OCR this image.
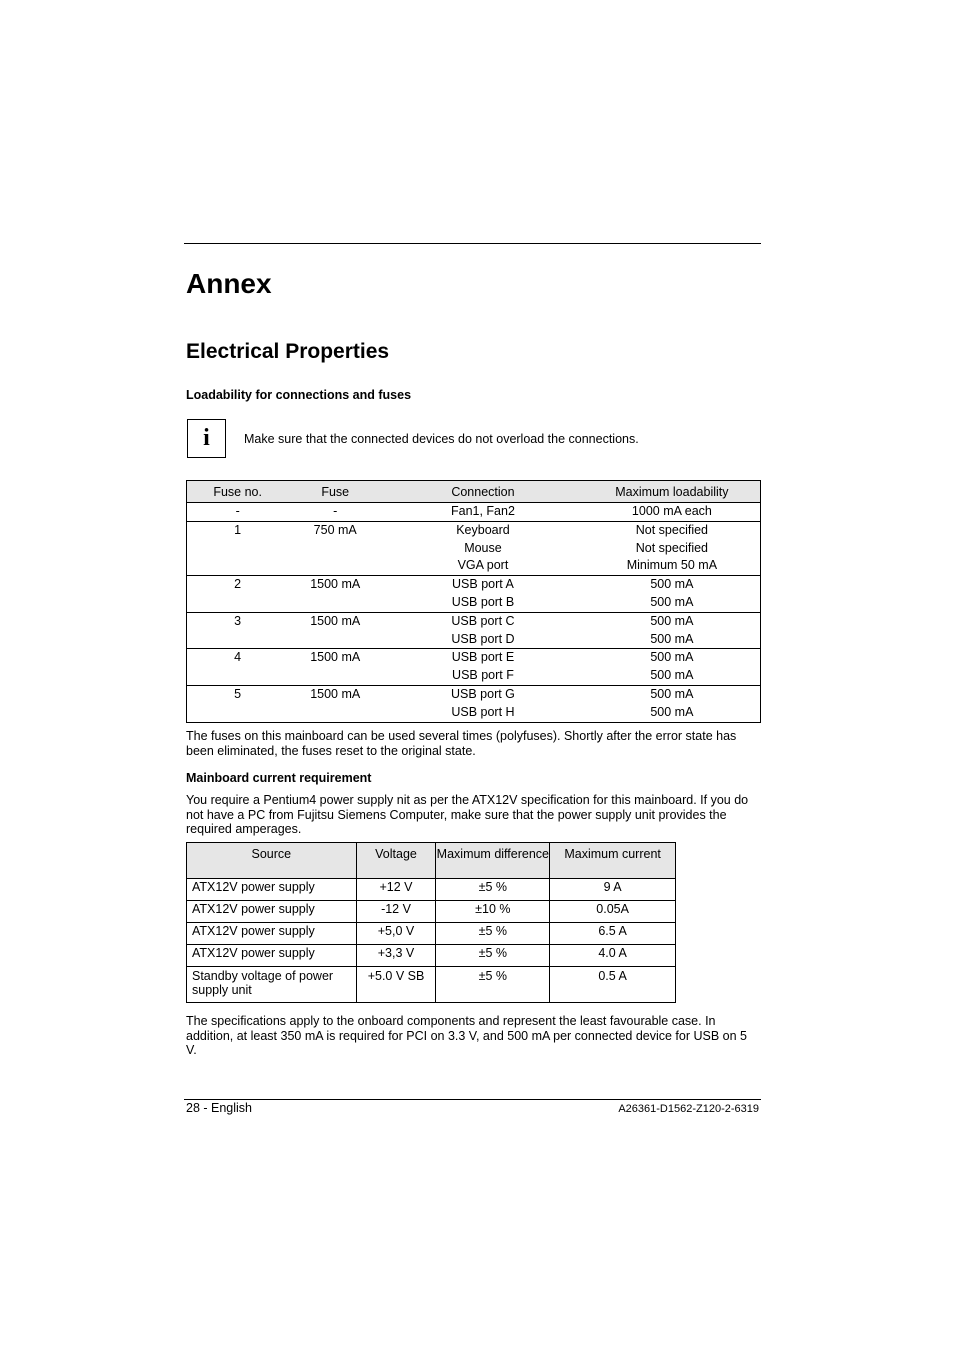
Annex
Electrical Properties

Loadability for connections and fuses

i	Make sure that the connected devices do not overload the connections.
Fuse no.	Fuse	Connection	Maximum loadability
-	-	Fan1, Fan2	1000 mA each
1	750 mA	Keyboard	Not specified
		Mouse	Not specified
		VGA port	Minimum 50 mA
2	1500 mA	USB port A	500 mA
		USB port B	500 mA
3	1500 mA	USB port C	500 mA
		USB port D	500 mA
4	1500 mA	USB port E	500 mA
		USB port F	500 mA
5	1500 mA	USB port G	500 mA
		USB port H	500 mA

The fuses on this mainboard can be used several times (polyfuses). Shortly after the error state has been eliminated, the fuses reset to the original state.

Mainboard current requirement

You require a Pentium4 power supply nit as per the ATX12V specification for this mainboard. If you do not have a PC from Fujitsu Siemens Computer, make sure that the power supply unit provides the required amperages.

Source	Voltage	Maximum difference	Maximum current
ATX12V power supply	+12 V	±5 %	9 A
ATX12V power supply	-12 V	±10 %	0.05A
ATX12V power supply	+5,0 V	±5 %	6.5 A
ATX12V power supply	+3,3 V	±5 %	4.0 A
Standby voltage of power supply unit	+5.0 V SB	±5 %	0.5 A

The specifications apply to the onboard components and represent the least favourable case. In addition, at least 350 mA is required for PCI on 3.3 V, and 500 mA per connected device for USB on 5 V.

28 - English	A26361-D1562-Z120-2-6319
